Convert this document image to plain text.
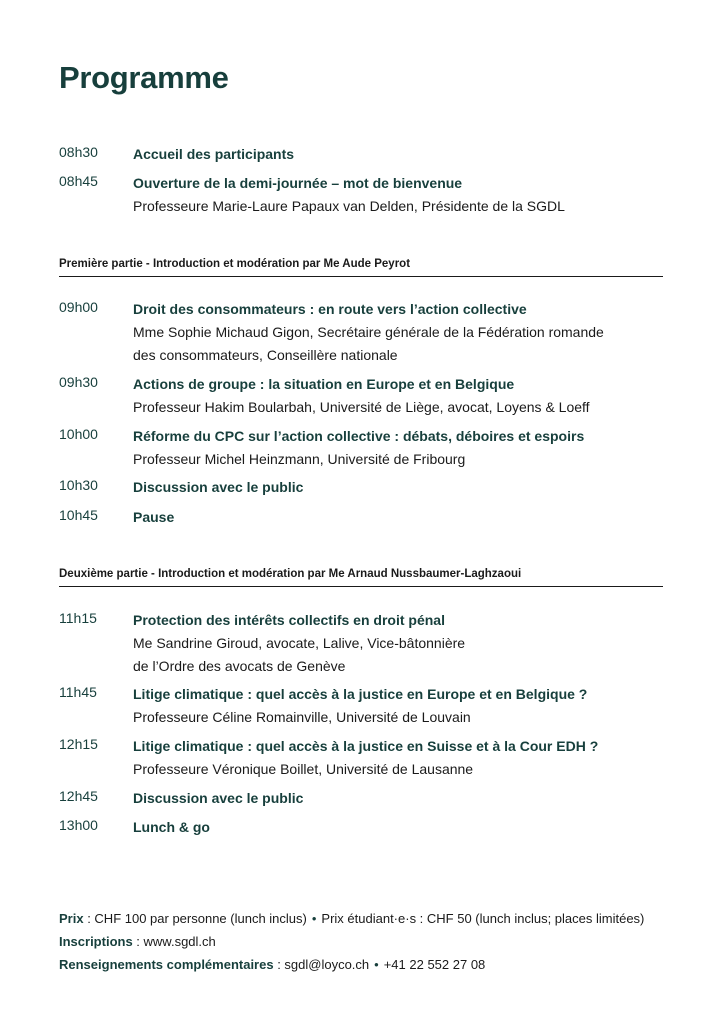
Programme
08h30	Accueil des participants
08h45	Ouverture de la demi-journée – mot de bienvenue
Professeure Marie-Laure Papaux van Delden, Présidente de la SGDL
Première partie - Introduction et modération par Me Aude Peyrot
09h00	Droit des consommateurs : en route vers l’action collective
Mme Sophie Michaud Gigon, Secrétaire générale de la Fédération romande
des consommateurs, Conseillère nationale
09h30	Actions de groupe : la situation en Europe et en Belgique
Professeur Hakim Boularbah, Université de Liège, avocat, Loyens & Loeff
10h00	Réforme du CPC sur l’action collective : débats, déboires et espoirs
Professeur Michel Heinzmann, Université de Fribourg
10h30	Discussion avec le public
10h45	Pause
Deuxième partie - Introduction et modération par Me Arnaud Nussbaumer-Laghzaoui
11h15	Protection des intérêts collectifs en droit pénal
Me Sandrine Giroud, avocate, Lalive, Vice-bâtonnière
de l’Ordre des avocats de Genève
11h45	Litige climatique : quel accès à la justice en Europe et en Belgique ?
Professeure Céline Romainville, Université de Louvain
12h15	Litige climatique : quel accès à la justice en Suisse et à la Cour EDH ?
Professeure Véronique Boillet, Université de Lausanne
12h45	Discussion avec le public
13h00	Lunch & go
Prix : CHF 100 par personne (lunch inclus) • Prix étudiant·e·s : CHF 50 (lunch inclus; places limitées)
Inscriptions : www.sgdl.ch
Renseignements complémentaires : sgdl@loyco.ch • +41 22 552 27 08
